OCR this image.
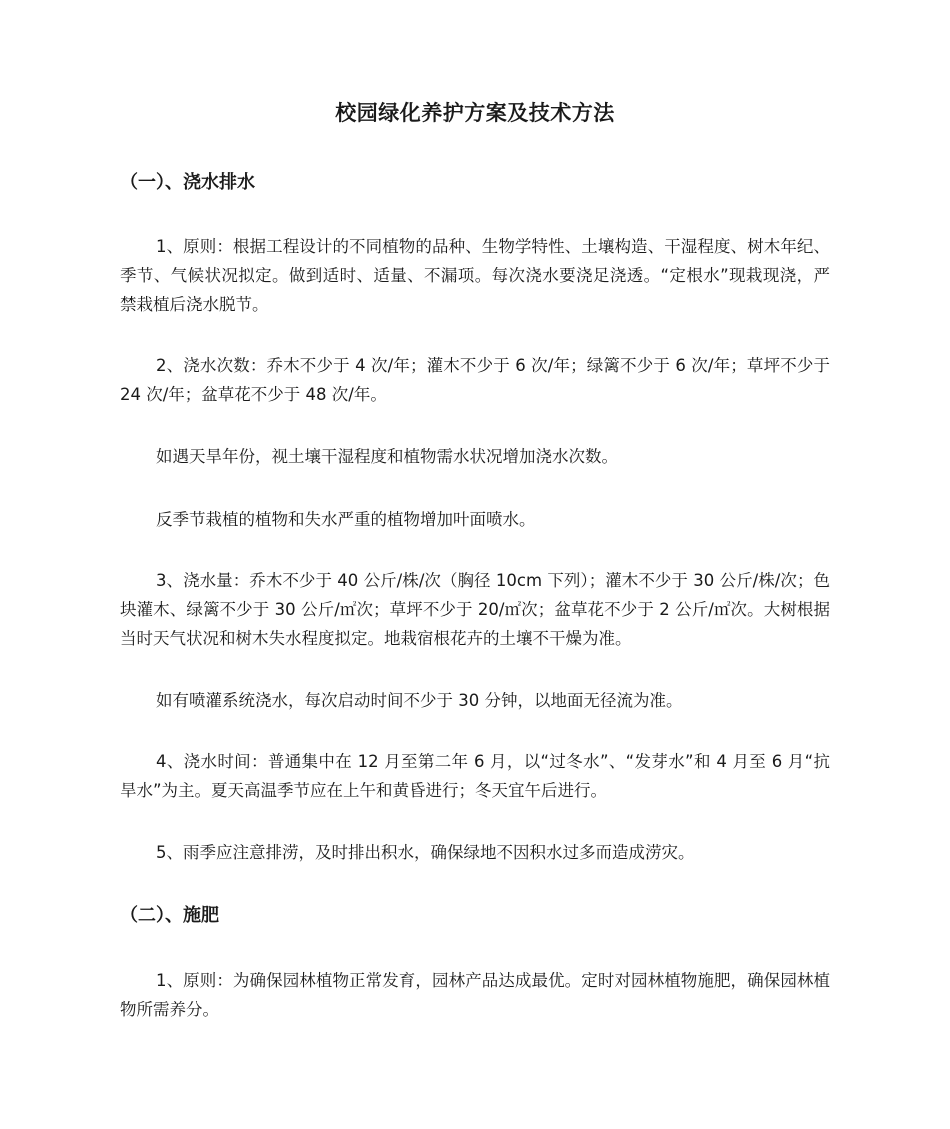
校园绿化养护方案及技术方法
（一）、浇水排水

1、原则：根据工程设计的不同植物的品种、生物学特性、土壤构造、干湿程度、树木年纪、季节、气候状况拟定。做到适时、适量、不漏项。每次浇水要浇足浇透。“定根水”现栽现浇，严禁栽植后浇水脱节。

2、浇水次数：乔木不少于 4 次/年；灌木不少于 6 次/年；绿篱不少于 6 次/年；草坪不少于 24 次/年；盆草花不少于 48 次/年。

如遇天旱年份，视土壤干湿程度和植物需水状况增加浇水次数。

反季节栽植的植物和失水严重的植物增加叶面喷水。

3、浇水量：乔木不少于 40 公斤/株/次（胸径 10cm 下列）；灌木不少于 30 公斤/株/次；色块灌木、绿篱不少于 30 公斤/㎡次；草坪不少于 20/㎡次；盆草花不少于 2 公斤/㎡次。大树根据当时天气状况和树木失水程度拟定。地栽宿根花卉的土壤不干燥为准。

如有喷灌系统浇水，每次启动时间不少于 30 分钟，以地面无径流为准。

4、浇水时间：普通集中在 12 月至第二年 6 月，以“过冬水”、“发芽水”和 4 月至 6 月“抗旱水”为主。夏天高温季节应在上午和黄昏进行；冬天宜午后进行。

5、雨季应注意排涝，及时排出积水，确保绿地不因积水过多而造成涝灾。

（二）、施肥

1、原则：为确保园林植物正常发育，园林产品达成最优。定时对园林植物施肥，确保园林植物所需养分。
